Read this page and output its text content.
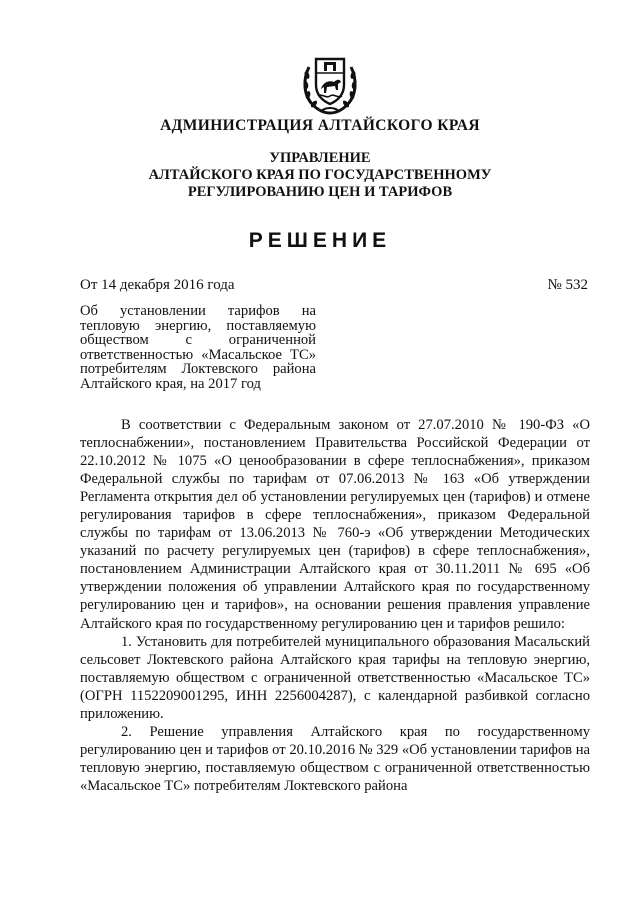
АДМИНИСТРАЦИЯ АЛТАЙСКОГО КРАЯ
УПРАВЛЕНИЕ
АЛТАЙСКОГО КРАЯ ПО ГОСУДАРСТВЕННОМУ
РЕГУЛИРОВАНИЮ ЦЕН И ТАРИФОВ
РЕШЕНИЕ
От 14 декабря 2016 года	№ 532
Об установлении тарифов на тепловую энергию, поставляемую обществом с ограниченной ответственностью «Масальское ТС» потребителям Локтевского района Алтайского края, на 2017 год

В соответствии с Федеральным законом от 27.07.2010 № 190-ФЗ «О теплоснабжении», постановлением Правительства Российской Федерации от 22.10.2012 № 1075 «О ценообразовании в сфере теплоснабжения», приказом Федеральной службы по тарифам от 07.06.2013 № 163 «Об утверждении Регламента открытия дел об установлении регулируемых цен (тарифов) и отмене регулирования тарифов в сфере теплоснабжения», приказом Федеральной службы по тарифам от 13.06.2013 № 760-э «Об утверждении Методических указаний по расчету регулируемых цен (тарифов) в сфере теплоснабжения», постановлением Администрации Алтайского края от 30.11.2011 № 695 «Об утверждении положения об управлении Алтайского края по государственному регулированию цен и тарифов», на основании решения правления управление Алтайского края по государственному регулированию цен и тарифов решило:

1. Установить для потребителей муниципального образования Масальский сельсовет Локтевского района Алтайского края тарифы на тепловую энергию, поставляемую обществом с ограниченной ответственностью «Масальское ТС» (ОГРН 1152209001295, ИНН 2256004287), с календарной разбивкой согласно приложению.

2. Решение управления Алтайского края по государственному регулированию цен и тарифов от 20.10.2016 № 329 «Об установлении тарифов на тепловую энергию, поставляемую обществом с ограниченной ответственностью «Масальское ТС» потребителям Локтевского района
